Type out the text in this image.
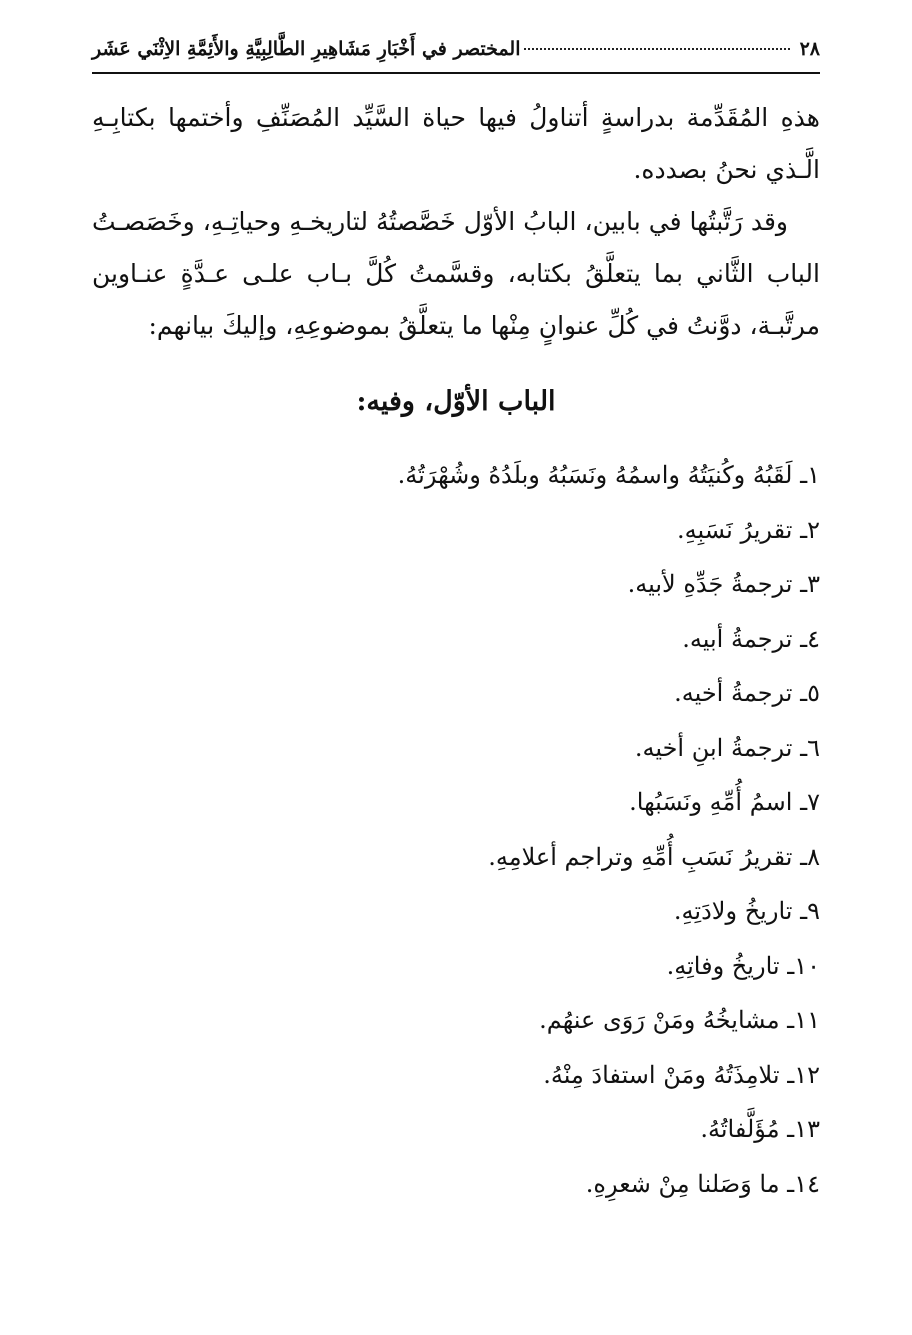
٢٨
المختصر في أَخْبَارِ مَشَاهِيرِ الطَّالِبِيَّةِ والأَئِمَّةِ الاِثْنَي عَشَر

هذهِ المُقَدِّمة بدراسةٍ أتناولُ فيها حياة السَّيِّد المُصَنِّفِ وأختمها بكتابِـهِ الَّـذي نحنُ بصدده.

وقد رَتَّبتُها في بابين، البابُ الأوّل خَصَّصتُهُ لتاريخـهِ وحياتِـهِ، وخَصَصـتُ الباب الثَّاني بما يتعلَّقُ بكتابه، وقسَّمتُ كُلَّ بـاب علـى عـدَّةٍ عنـاوين مرتَّبـة، دوَّنتُ في كُلِّ عنوانٍ مِنْها ما يتعلَّقُ بموضوعِهِ، وإليكَ بيانهم:

الباب الأوّل، وفيه:
١ـ لَقَبُهُ وكُنيَتُهُ واسمُهُ ونَسَبُهُ وبلَدُهُ وشُهْرَتُهُ.
٢ـ تقريرُ نَسَبِهِ.
٣ـ ترجمةُ جَدِّهِ لأبيه.
٤ـ ترجمةُ أبيه.
٥ـ ترجمةُ أخيه.
٦ـ ترجمةُ ابنِ أخيه.
٧ـ اسمُ أُمِّهِ ونَسَبُها.
٨ـ تقريرُ نَسَبِ أُمِّهِ وتراجم أعلامِهِ.
٩ـ تاريخُ ولادَتِهِ.
١٠ـ تاريخُ وفاتِهِ.
١١ـ مشايخُهُ ومَنْ رَوَى عنهُم.
١٢ـ تلامِذَتُهُ ومَنْ استفادَ مِنْهُ.
١٣ـ مُؤَلَّفاتُهُ.
١٤ـ ما وَصَلنا مِنْ شعرِهِ.
